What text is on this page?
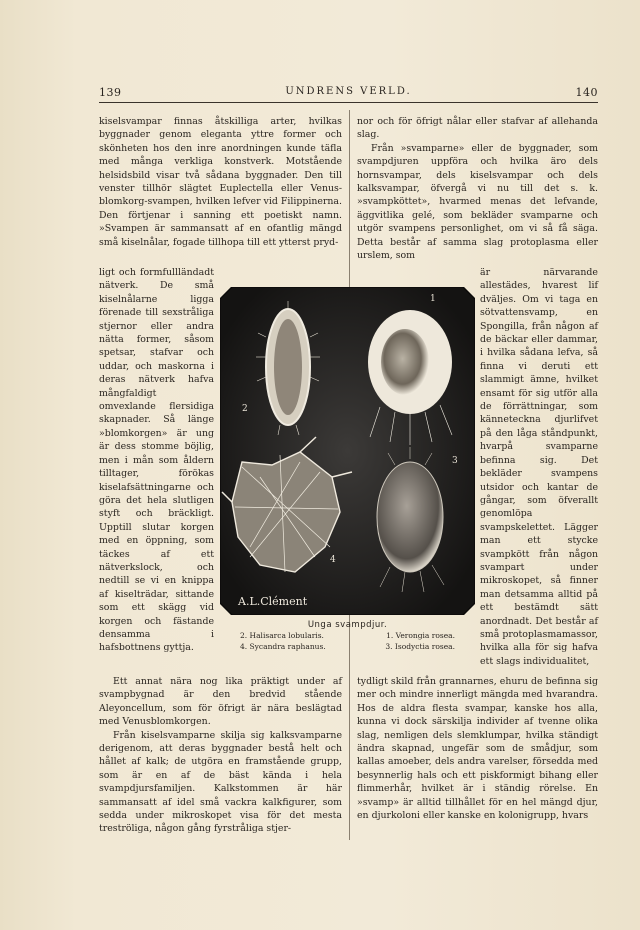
139	UNDRENS VERLD.	140

kiselsvampar finnas åtskilliga arter, hvilkas byggnader genom eleganta yttre former och skönheten hos den inre anordningen kunde täfla med många verkliga konstverk. Motstående helsidsbild visar två sådana byggnader. Den till venster tillhör slägtet Euplectella eller Venus-blomkorg-svampen, hvilken lefver vid Filippinerna. Den förtjenar i sanning ett poetiskt namn. »Svampen är sammansatt af en ofantlig mängd små kiselnålar, fogade tillhopa till ett ytterst pryd-

ligt och formfullländadt nätverk. De små kiselnålarne ligga förenade till sexstråliga stjernor eller andra nätta former, såsom spetsar, stafvar och uddar, och maskorna i deras nätverk hafva mångfaldigt omvexlande flersidiga skapnader. Så länge »blomkorgen» är ung är dess stomme böjlig, men i mån som åldern tilltager, förökas kiselafsättningarne och göra det hela slutligen styft och bräckligt. Upptill slutar korgen med en öppning, som täckes af ett nätverkslock, och nedtill se vi en knippa af kiselträdar, sittande som ett skägg vid korgen och fästande densamma i hafsbottnens gyttja.

nor och för öfrigt nålar eller stafvar af allehanda slag.

Från »svamparne» eller de byggnader, som svampdjuren uppföra och hvilka äro dels hornsvampar, dels kiselsvampar och dels kalksvampar, öfvergå vi nu till det s. k. »svampköttet», hvarmed menas det lefvande, äggvitlika gelé, som bekläder svamparne och utgör svampens personlighet, om vi så få säga. Detta består af samma slag protoplasma eller urslem, som

är närvarande allestädes, hvarest lif dväljes. Om vi taga en sötvattensvamp, en Spongilla, från någon af de bäckar eller dammar, i hvilka sådana lefva, så finna vi deruti ett slammigt ämne, hvilket ensamt för sig utför alla de förrättningar, som känneteckna djurlifvet på den låga ståndpunkt, hvarpå svamparne befinna sig. Det bekläder svampens utsidor och kantar de gångar, som öfverallt genomlöpa svampskelettet. Lägger man ett stycke svampkött från någon svampart under mikroskopet, så finner man detsamma alltid på ett bestämdt sätt anordnadt. Det består af små protoplasmamassor, hvilka alla för sig hafva ett slags individualitet,

2
1
3
4
A.L.Clément
Unga svampdjur.
2. Halisarca lobularis.	1. Verongia rosea.
4. Sycandra raphanus.	3. Isodyctia rosea.

Ett annat nära nog lika präktigt under af svampbygnad är den bredvid stående Aleyoncellum, som för öfrigt är nära beslägtad med Venusblomkorgen.

Från kiselsvamparne skilja sig kalksvamparne derigenom, att deras byggnader bestå helt och hållet af kalk; de utgöra en framstående grupp, som är en af de bäst kända i hela svampdjursfamiljen. Kalkstommen är här sammansatt af idel små vackra kalkfigurer, som sedda under mikroskopet visa för det mesta treströliga, någon gång fyrstråliga stjer-

tydligt skild från grannarnes, ehuru de befinna sig mer och mindre innerligt mängda med hvarandra. Hos de aldra flesta svampar, kanske hos alla, kunna vi dock särskilja individer af tvenne olika slag, nemligen dels slemklumpar, hvilka ständigt ändra skapnad, ungefär som de smådjur, som kallas amoeber, dels andra varelser, försedda med besynnerlig hals och ett piskformigt bihang eller flimmerhår, hvilket är i ständig rörelse. En »svamp» är alltid tillhållet för en hel mängd djur, en djurkoloni eller kanske en kolonigrupp, hvars
